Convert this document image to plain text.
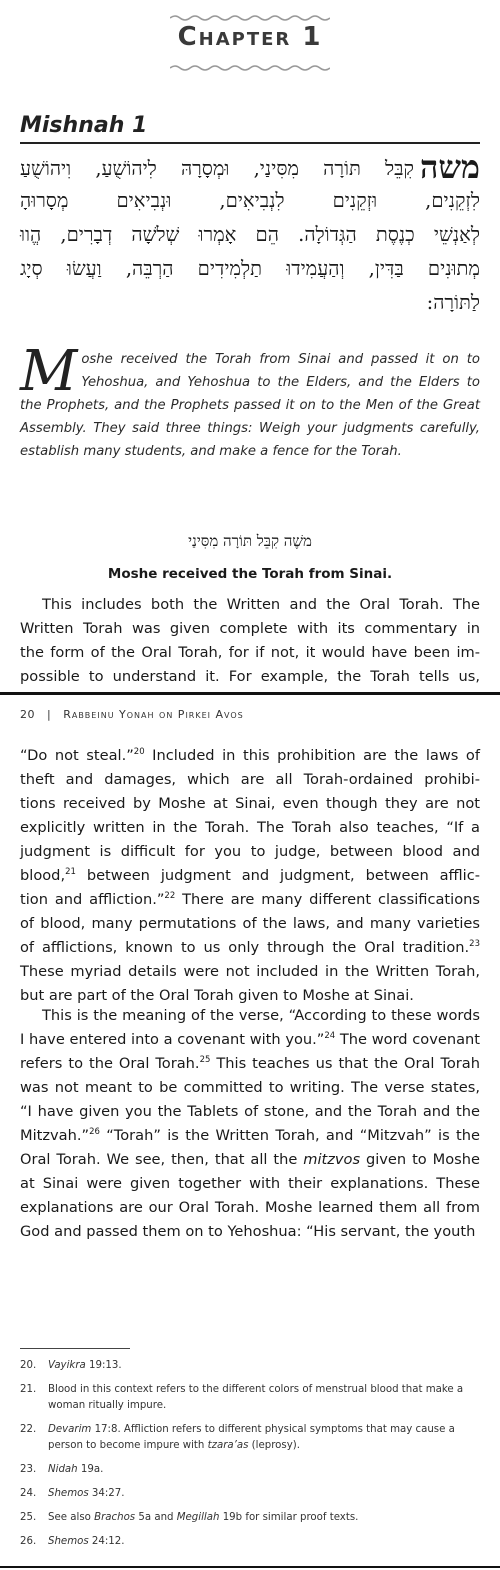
Chapter 1
Mishnah 1
משהקִבֵּל תּוֹרָה מִסִּינַי, וּמְסָרָהּ לִיהוֹשֻׁעַ, וִיהוֹשֻׁעַ
לִזְקֵנִים, וּזְקֵנִים לִנְבִיאִים, וּנְבִיאִים מְסָרוּהָ
לְאַנְשֵׁי כְנֶסֶת הַגְּדוֹלָה. הֵם אָמְרוּ שְׁלשָׁה דְבָרִים, הֱווּ
מְתוּנִים בַּדִּין, וְהַעֲמִידוּ תַלְמִידִים הַרְבֵּה, וַעֲשׂוּ סְיָג
לַתּוֹרָה:
M oshe received the Torah from Sinai and passed it on to
Yehoshua, and Yehoshua to the Elders, and the Elders to
the Prophets, and the Prophets passed it on to the Men of the Great
Assembly. They said three things: Weigh your judgments carefully,
establish many students, and make a fence for the Torah.
משֶׁה קִבֵּל תּוֹרָה מִסִּינַי
Moshe received the Torah from Sinai.
This includes both the Written and the Oral Torah. The
Written Torah was given complete with its commentary in
the form of the Oral Torah, for if not, it would have been im-
possible to understand it. For example, the Torah tells us,
20   |   Rabbeinu Yonah on Pirkei Avos
“Do not steal.”$^{20}$ Included in this prohibition are the laws of
theft and damages, which are all Torah-ordained prohibi-
tions received by Moshe at Sinai, even though they are not
explicitly written in the Torah. The Torah also teaches, “If a
judgment is difficult for you to judge, between blood and
blood,$^{21}$ between judgment and judgment, between afflic-
tion and affliction.”$^{22}$ There are many different classifications
of blood, many permutations of the laws, and many varieties
of afflictions, known to us only through the Oral tradition.$^{23}$
These myriad details were not included in the Written Torah,
but are part of the Oral Torah given to Moshe at Sinai.
This is the meaning of the verse, “According to these words
I have entered into a covenant with you.”$^{24}$ The word covenant
refers to the Oral Torah.$^{25}$ This teaches us that the Oral Torah
was not meant to be committed to writing. The verse states,
“I have given you the Tablets of stone, and the Torah and the
Mitzvah.”$^{26}$ “Torah” is the Written Torah, and “Mitzvah” is the
Oral Torah. We see, then, that all the mitzvos given to Moshe
at Sinai were given together with their explanations. These
explanations are our Oral Torah. Moshe learned them all from
God and passed them on to Yehoshua: “His servant, the youth
20.	Vayikra 19:13.
21.	Blood in this context refers to the different colors of menstrual blood that make a woman ritually impure.
22.	Devarim 17:8. Affliction refers to different physical symptoms that may cause a person to become impure with tzara’as (leprosy).
23.	Nidah 19a.
24.	Shemos 34:27.
25.	See also Brachos 5a and Megillah 19b for similar proof texts.
26.	Shemos 24:12.
